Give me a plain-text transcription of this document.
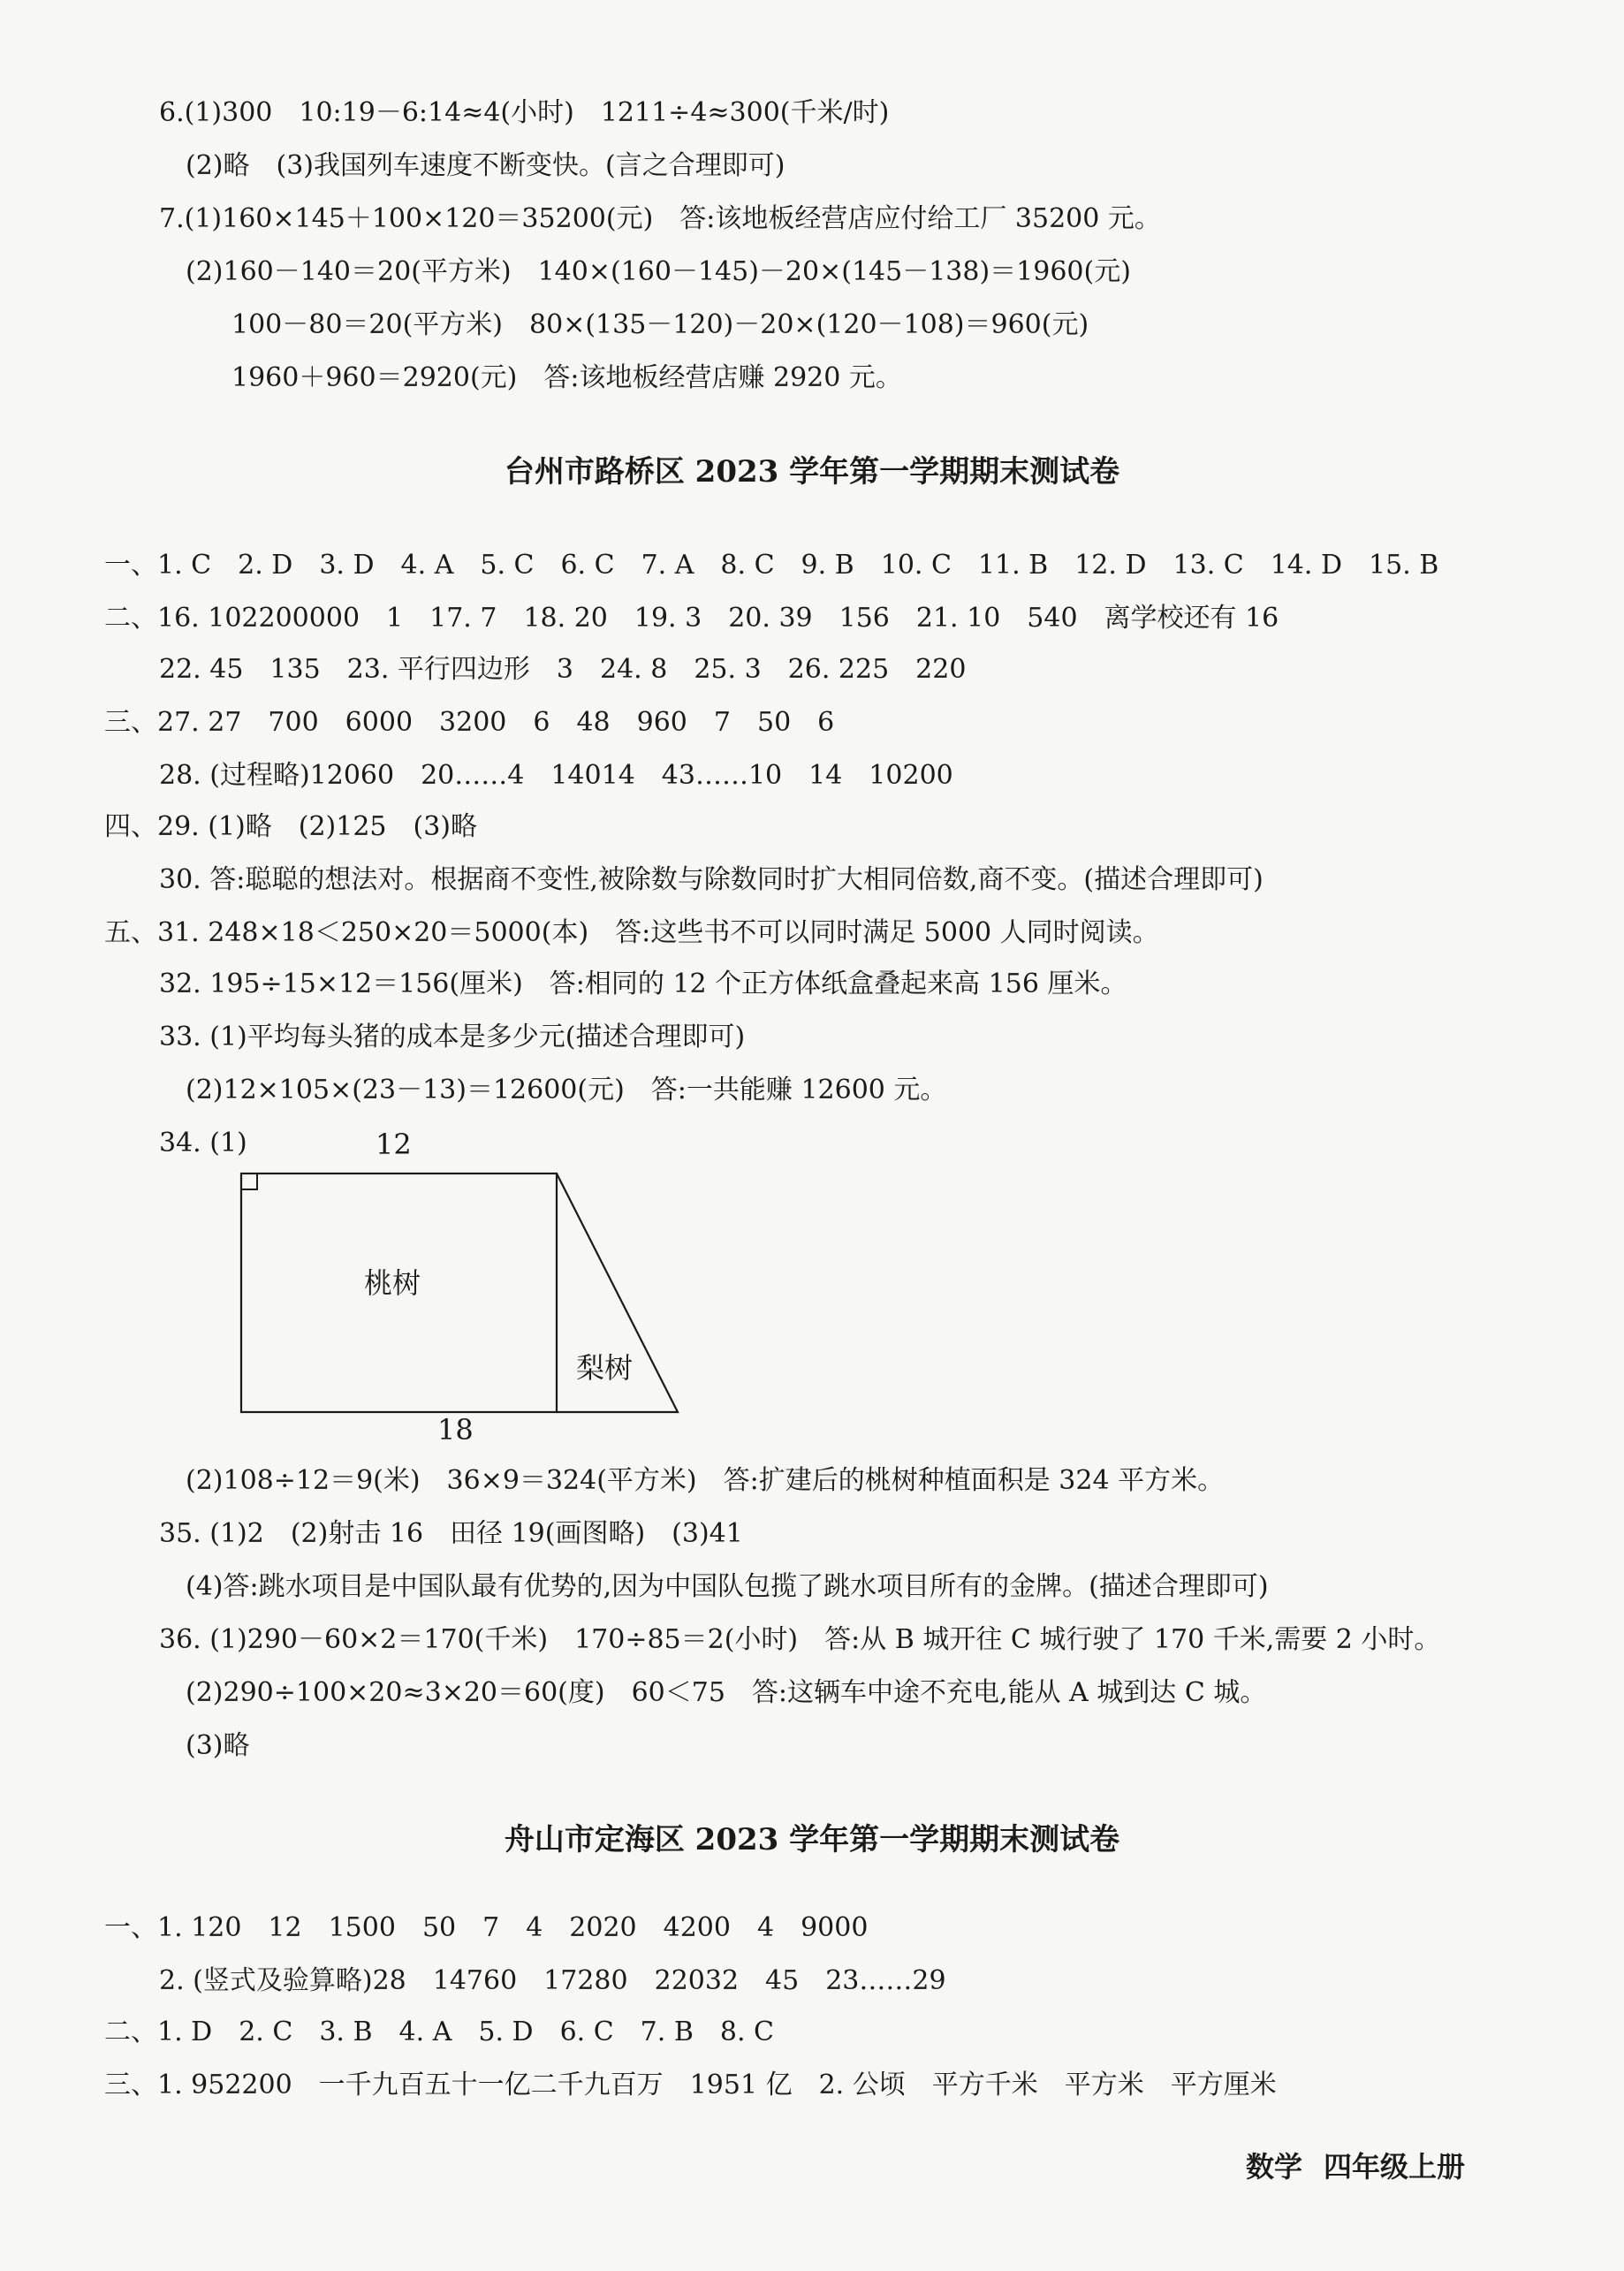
6.(1)300　10:19－6:14≈4(小时)　1211÷4≈300(千米/时)
(2)略　(3)我国列车速度不断变快。(言之合理即可)
7.(1)160×145＋100×120＝35200(元)　答:该地板经营店应付给工厂 35200 元。
(2)160－140＝20(平方米)　140×(160－145)－20×(145－138)＝1960(元)
100－80＝20(平方米)　80×(135－120)－20×(120－108)＝960(元)
1960＋960＝2920(元)　答:该地板经营店赚 2920 元。
台州市路桥区 2023 学年第一学期期末测试卷
一、1. C　2. D　3. D　4. A　5. C　6. C　7. A　8. C　9. B　10. C　11. B　12. D　13. C　14. D　15. B
二、16. 102200000　1　17. 7　18. 20　19. 3　20. 39　156　21. 10　540　离学校还有 16
22. 45　135　23. 平行四边形　3　24. 8　25. 3　26. 225　220
三、27. 27　700　6000　3200　6　48　960　7　50　6
28. (过程略)12060　20……4　14014　43……10　14　10200
四、29. (1)略　(2)125　(3)略
30. 答:聪聪的想法对。根据商不变性,被除数与除数同时扩大相同倍数,商不变。(描述合理即可)
五、31. 248×18＜250×20＝5000(本)　答:这些书不可以同时满足 5000 人同时阅读。
32. 195÷15×12＝156(厘米)　答:相同的 12 个正方体纸盒叠起来高 156 厘米。
33. (1)平均每头猪的成本是多少元(描述合理即可)
(2)12×105×(23－13)＝12600(元)　答:一共能赚 12600 元。
34. (1)	12
桃树
梨树
18
(2)108÷12＝9(米)　36×9＝324(平方米)　答:扩建后的桃树种植面积是 324 平方米。
35. (1)2　(2)射击 16　田径 19(画图略)　(3)41
(4)答:跳水项目是中国队最有优势的,因为中国队包揽了跳水项目所有的金牌。(描述合理即可)
36. (1)290－60×2＝170(千米)　170÷85＝2(小时)　答:从 B 城开往 C 城行驶了 170 千米,需要 2 小时。
(2)290÷100×20≈3×20＝60(度)　60＜75　答:这辆车中途不充电,能从 A 城到达 C 城。
(3)略
舟山市定海区 2023 学年第一学期期末测试卷
一、1. 120　12　1500　50　7　4　2020　4200　4　9000
2. (竖式及验算略)28　14760　17280　22032　45　23……29
二、1. D　2. C　3. B　4. A　5. D　6. C　7. B　8. C
三、1. 952200　一千九百五十一亿二千九百万　1951 亿　2. 公顷　平方千米　平方米　平方厘米
数学 四年级上册
